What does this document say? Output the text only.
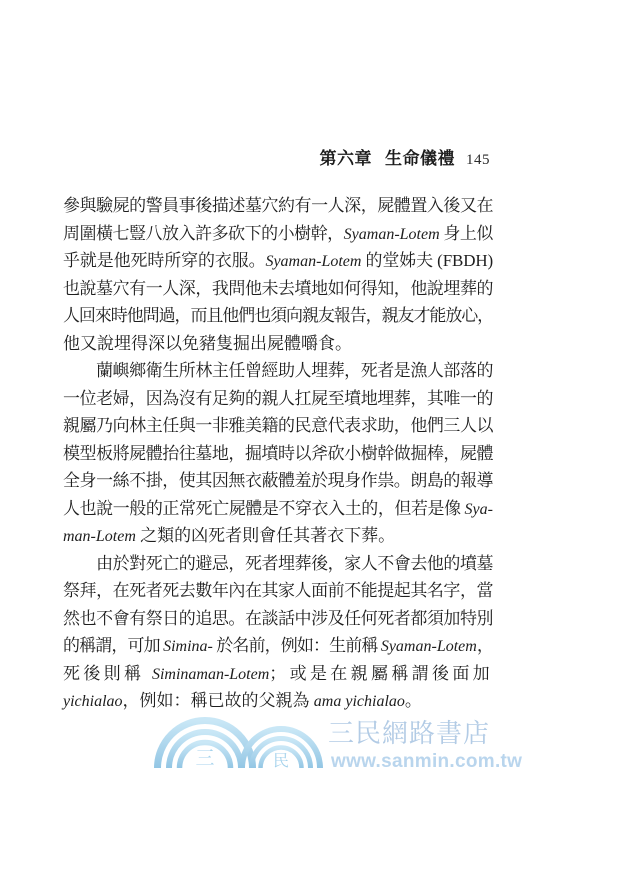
三	民
三民網路書店
www.sanmin.com.tw
第六章 生命儀禮 145
參與驗屍的警員事後描述墓穴約有一人深，屍體置入後又在
周圍橫七豎八放入許多砍下的小樹幹，Syaman-Lotem 身上似
乎就是他死時所穿的衣服。Syaman-Lotem 的堂姊夫 (FBDH)
也說墓穴有一人深，我問他未去墳地如何得知，他說埋葬的
人回來時他問過，而且他們也須向親友報告，親友才能放心，
他又說埋得深以免豬隻掘出屍體嚼食。
　　蘭嶼鄉衛生所林主任曾經助人埋葬，死者是漁人部落的
一位老婦，因為沒有足夠的親人扛屍至墳地埋葬，其唯一的
親屬乃向林主任與一非雅美籍的民意代表求助，他們三人以
模型板將屍體抬往墓地，掘墳時以斧砍小樹幹做掘棒，屍體
全身一絲不掛，使其因無衣蔽體羞於現身作祟。朗島的報導
人也說一般的正常死亡屍體是不穿衣入土的，但若是像 Sya-
man-Lotem 之類的凶死者則會任其著衣下葬。
　　由於對死亡的避忌，死者埋葬後，家人不會去他的墳墓
祭拜，在死者死去數年內在其家人面前不能提起其名字，當
然也不會有祭日的追思。在談話中涉及任何死者都須加特別
的稱謂，可加 Simina- 於名前，例如：生前稱 Syaman-Lotem，
死後則稱 Siminaman-Lotem；或是在親屬稱謂後面加
yichialao，例如：稱已故的父親為 ama yichialao。
